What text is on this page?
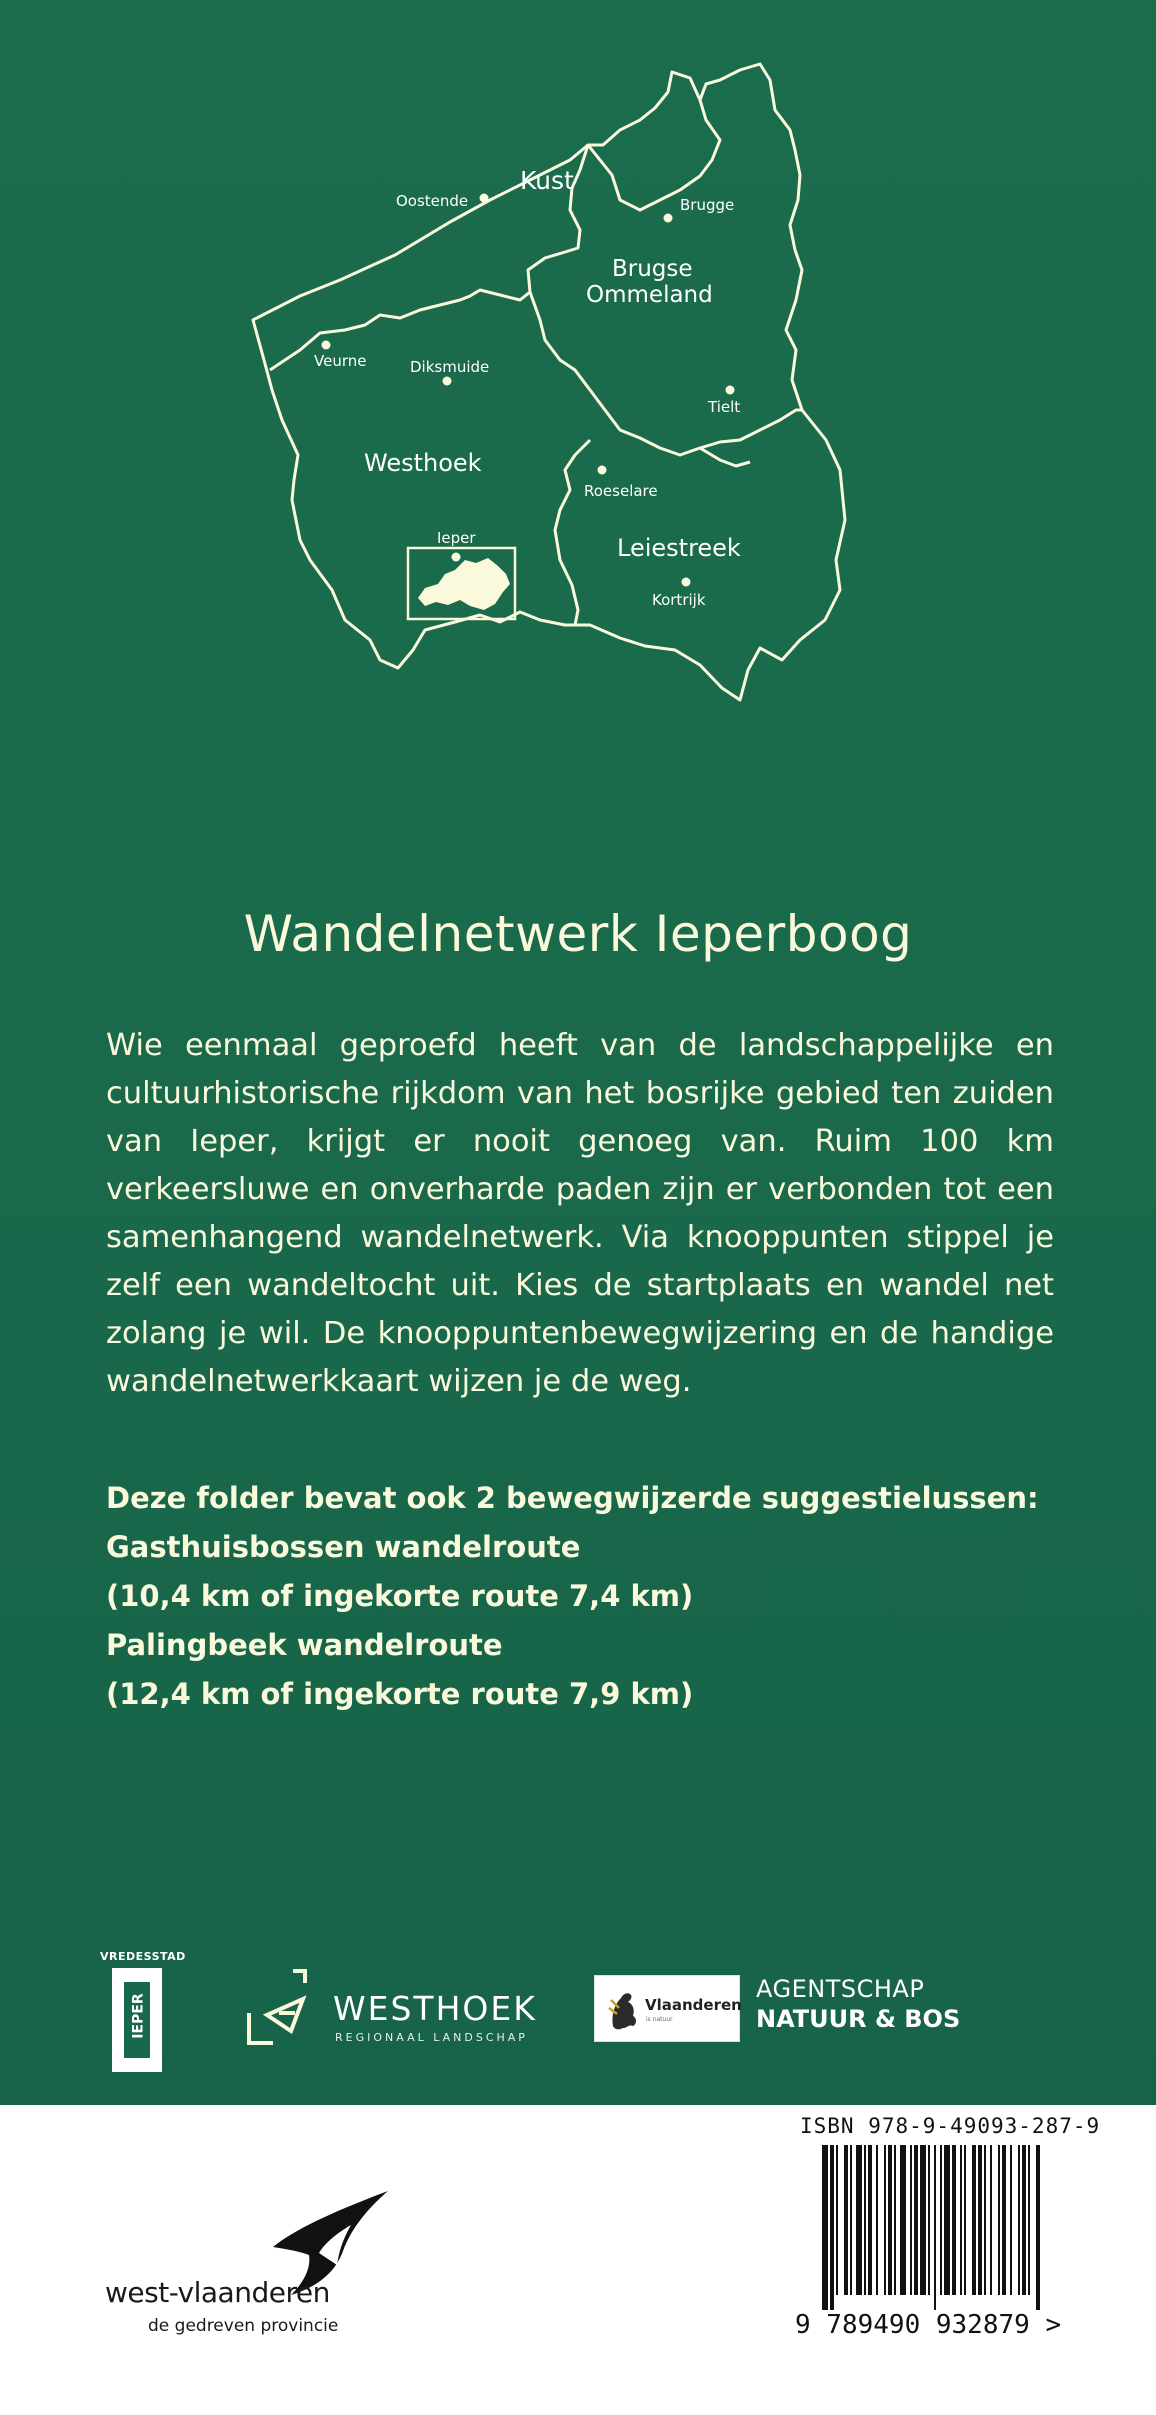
Oostende
Kust
Brugge
Brugse
Ommeland
Veurne	Diksmuide
Tielt
Westhoek
Roeselare
Ieper	Leiestreek
Kortrijk
Wandelnetwerk Ieperboog

Wie eenmaal geproefd heeft van de landschappelijke en cultuurhistorische rijkdom van het bosrijke gebied ten zuiden van Ieper, krijgt er nooit genoeg van. Ruim 100 km verkeersluwe en onverharde paden zijn er verbonden tot een samenhangend wandelnetwerk. Via knooppunten stippel je zelf een wandeltocht uit. Kies de startplaats en wandel net zolang je wil. De knooppuntenbewegwijzering en de handige wandelnetwerkkaart wijzen je de weg.

Deze folder bevat ook 2 bewegwijzerde suggestielussen:
Gasthuisbossen wandelroute
(10,4 km of ingekorte route 7,4 km)
Palingbeek wandelroute
(12,4 km of ingekorte route 7,9 km)
VREDESSTAD
IEPER	WESTHOEK
REGIONAAL LANDSCHAP
Vlaanderen
is natuur
AGENTSCHAP
NATUUR & BOS
west-vlaanderen
de gedreven provincie
ISBN 978-9-49093-287-9
9 789490 932879 >
